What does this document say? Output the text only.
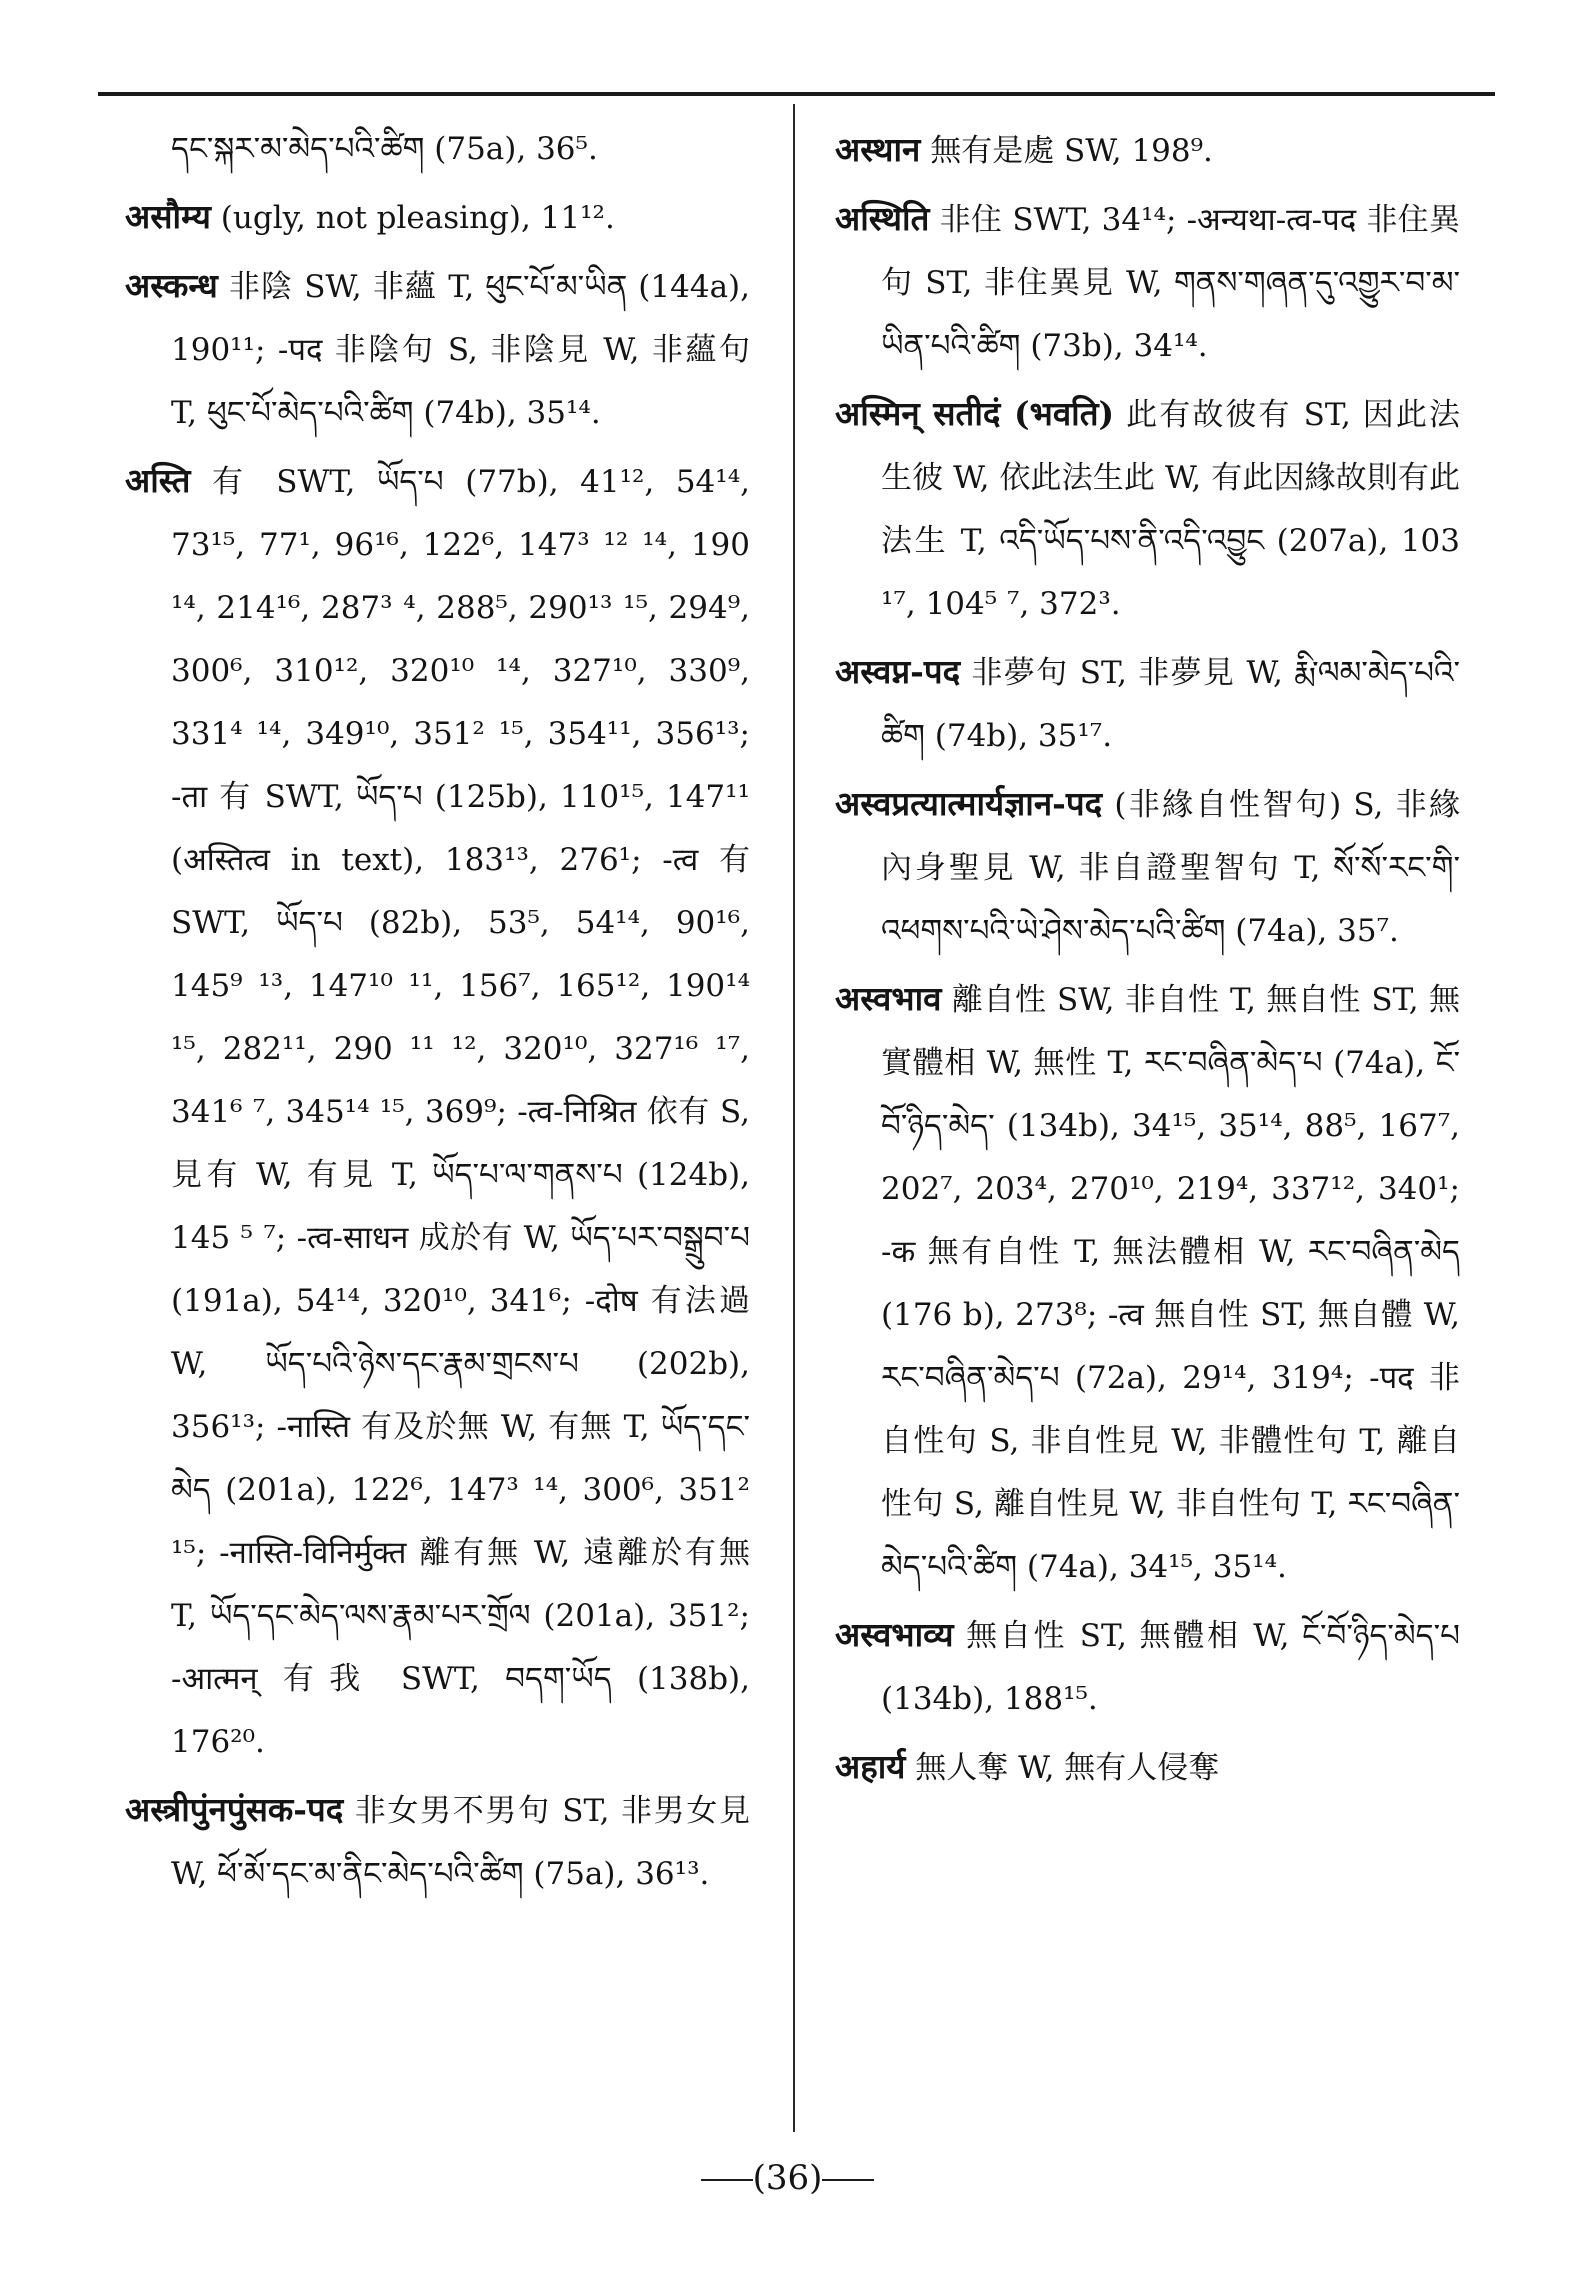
དང་སྐར་མ་མེད་པའི་ཚིག (75a), 36⁵.

असौम्य (ugly, not pleasing), 11¹².

अस्कन्ध 非陰 SW, 非蘊 T, ཕུང་པོ་མ་ཡིན (144a), 190¹¹; -पद 非陰句 S, 非陰見 W, 非蘊句 T, ཕུང་པོ་མེད་པའི་ཚིག (74b), 35¹⁴.

अस्ति 有 SWT, ཡོད་པ (77b), 41¹², 54¹⁴, 73¹⁵, 77¹, 96¹⁶, 122⁶, 147³ ¹² ¹⁴, 190 ¹⁴, 214¹⁶, 287³ ⁴, 288⁵, 290¹³ ¹⁵, 294⁹, 300⁶, 310¹², 320¹⁰ ¹⁴, 327¹⁰, 330⁹, 331⁴ ¹⁴, 349¹⁰, 351² ¹⁵, 354¹¹, 356¹³; -ता 有 SWT, ཡོད་པ (125b), 110¹⁵, 147¹¹ (अस्तित्व in text), 183¹³, 276¹; -त्व 有 SWT, ཡོད་པ (82b), 53⁵, 54¹⁴, 90¹⁶, 145⁹ ¹³, 147¹⁰ ¹¹, 156⁷, 165¹², 190¹⁴ ¹⁵, 282¹¹, 290 ¹¹ ¹², 320¹⁰, 327¹⁶ ¹⁷, 341⁶ ⁷, 345¹⁴ ¹⁵, 369⁹; -त्व-निश्रित 依有 S, 見有 W, 有見 T, ཡོད་པ་ལ་གནས་པ (124b), 145 ⁵ ⁷; -त्व-साधन 成於有 W, ཡོད་པར་བསྒྲུབ་པ (191a), 54¹⁴, 320¹⁰, 341⁶; -दोष 有法過 W, ཡོད་པའི་ཉེས་དང་རྣམ་གྲངས་པ (202b), 356¹³; -नास्ति 有及於無 W, 有無 T, ཡོད་དང་མེད (201a), 122⁶, 147³ ¹⁴, 300⁶, 351² ¹⁵; -नास्ति-विनिर्मुक्त 離有無 W, 遠離於有無 T, ཡོད་དང་མེད་ལས་རྣམ་པར་གྲོལ (201a), 351²; -आत्मन् 有我 SWT, བདག་ཡོད (138b), 176²⁰.

अस्त्रीपुंनपुंसक-पद 非女男不男句 ST, 非男女見 W, ཕོ་མོ་དང་མ་ནིང་མེད་པའི་ཚིག (75a), 36¹³.

अस्थान 無有是處 SW, 198⁹.

अस्थिति 非住 SWT, 34¹⁴; -अन्यथा-त्व-पद 非住異句 ST, 非住異見 W, གནས་གཞན་དུ་འགྱུར་བ་མ་ཡིན་པའི་ཚིག (73b), 34¹⁴.

अस्मिन् सतीदं (भवति) 此有故彼有 ST, 因此法生彼 W, 依此法生此 W, 有此因緣故則有此法生 T, འདི་ཡོད་པས་ནི་འདི་འབྱུང (207a), 103 ¹⁷, 104⁵ ⁷, 372³.

अस्वप्न-पद 非夢句 ST, 非夢見 W, རྨི་ལམ་མེད་པའི་ཚིག (74b), 35¹⁷.

अस्वप्रत्यात्मार्यज्ञान-पद (非緣自性智句) S, 非緣內身聖見 W, 非自證聖智句 T, སོ་སོ་རང་གི་འཕགས་པའི་ཡེ་ཤེས་མེད་པའི་ཚིག (74a), 35⁷.

अस्वभाव 離自性 SW, 非自性 T, 無自性 ST, 無實體相 W, 無性 T, རང་བཞིན་མེད་པ (74a), ངོ་བོ་ཉིད་མེད་ (134b), 34¹⁵, 35¹⁴, 88⁵, 167⁷, 202⁷, 203⁴, 270¹⁰, 219⁴, 337¹², 340¹; -क 無有自性 T, 無法體相 W, རང་བཞིན་མེད (176 b), 273⁸; -त्व 無自性 ST, 無自體 W, རང་བཞིན་མེད་པ (72a), 29¹⁴, 319⁴; -पद 非自性句 S, 非自性見 W, 非體性句 T, 離自性句 S, 離自性見 W, 非自性句 T, རང་བཞིན་མེད་པའི་ཚིག (74a), 34¹⁵, 35¹⁴.

अस्वभाव्य 無自性 ST, 無體相 W, ངོ་བོ་ཉིད་མེད་པ (134b), 188¹⁵.

अहार्य 無人奪 W, 無有人侵奪

(36)
